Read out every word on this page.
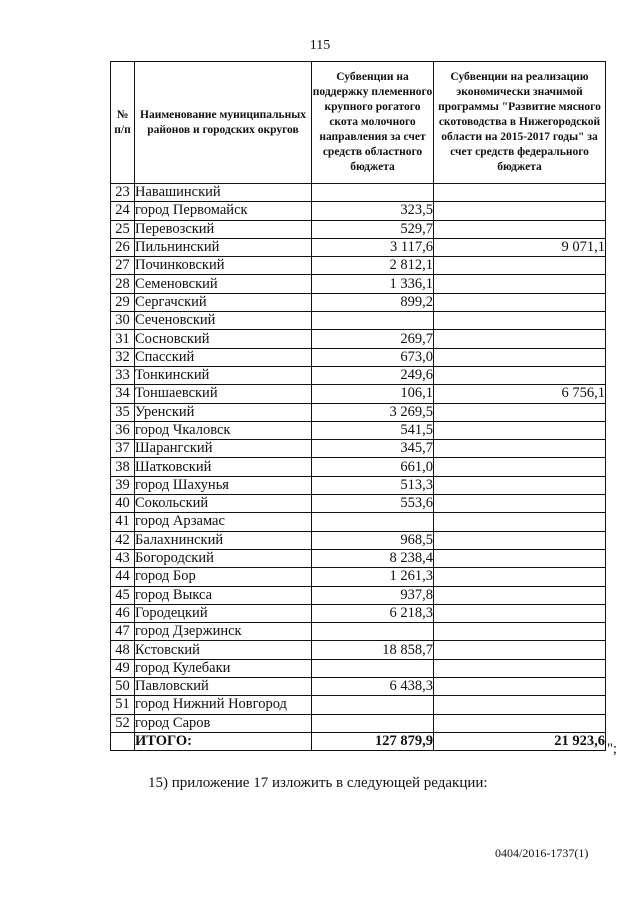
115
№ п/п	Наименование муниципальных районов и городских округов	Субвенции на поддержку племенного крупного рогатого скота молочного направления за счет средств областного бюджета	Субвенции на реализацию экономически значимой программы "Развитие мясного скотоводства в Нижегородской области на 2015-2017 годы" за счет средств федерального бюджета
23	Навашинский		
24	город Первомайск	323,5	
25	Перевозский	529,7	
26	Пильнинский	3 117,6	9 071,1
27	Починковский	2 812,1	
28	Семеновский	1 336,1	
29	Сергачский	899,2	
30	Сеченовский		
31	Сосновский	269,7	
32	Спасский	673,0	
33	Тонкинский	249,6	
34	Тоншаевский	106,1	6 756,1
35	Уренский	3 269,5	
36	город Чкаловск	541,5	
37	Шарангский	345,7	
38	Шатковский	661,0	
39	город Шахунья	513,3	
40	Сокольский	553,6	
41	город Арзамас		
42	Балахнинский	968,5	
43	Богородский	8 238,4	
44	город Бор	1 261,3	
45	город Выкса	937,8	
46	Городецкий	6 218,3	
47	город Дзержинск		
48	Кстовский	18 858,7	
49	город Кулебаки		
50	Павловский	6 438,3	
51	город Нижний Новгород		
52	город Саров		
	ИТОГО:	127 879,9	21 923,6 ";
15) приложение 17 изложить в следующей редакции:
0404/2016-1737(1)
